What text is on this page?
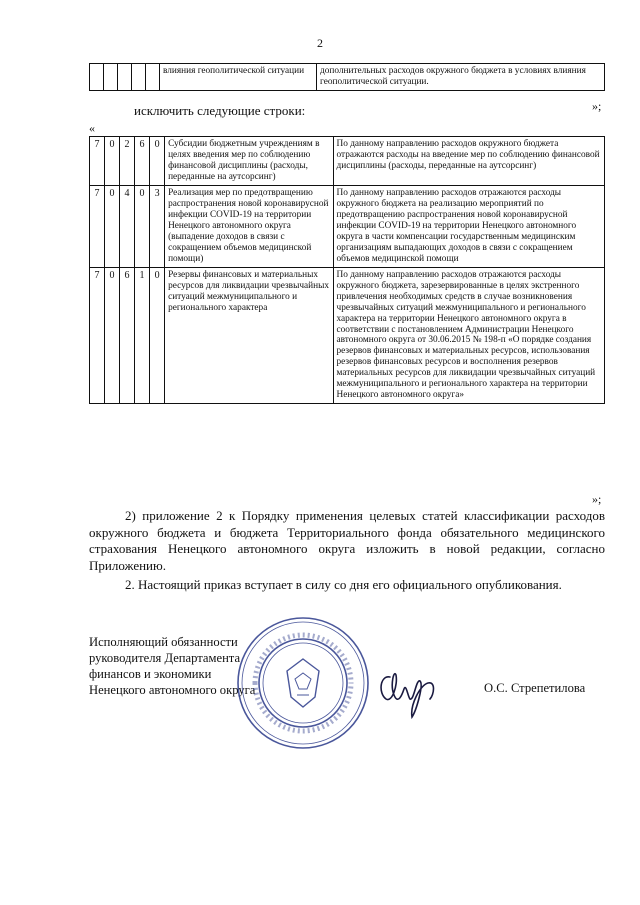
2
					влияния геополитической ситуации	дополнительных расходов окружного бюджета в условиях влияния геополитической ситуации.
»;
исключить следующие строки:
«
7	0	2	6	0	Субсидии бюджетным учреждениям в целях введения мер по соблюдению финансовой дисциплины (расходы, переданные на аутсорсинг)	По данному направлению расходов окружного бюджета отражаются расходы на введение мер по соблюдению финансовой дисциплины (расходы, переданные на аутсорсинг)
7	0	4	0	3	Реализация мер по предотвращению распространения новой коронавирусной инфекции COVID-19 на территории Ненецкого автономного округа (выпадение доходов в связи с сокращением объемов медицинской помощи)	По данному направлению расходов отражаются расходы окружного бюджета на реализацию мероприятий по предотвращению распространения новой коронавирусной инфекции COVID-19 на территории Ненецкого автономного округа в части компенсации государственным медицинским организациям выпадающих доходов в связи с сокращением объемов медицинской помощи
7	0	6	1	0	Резервы финансовых и материальных ресурсов для ликвидации чрезвычайных ситуаций межмуниципального и регионального характера	По данному направлению расходов отражаются расходы окружного бюджета, зарезервированные в целях экстренного привлечения необходимых средств в случае возникновения чрезвычайных ситуаций межмуниципального и регионального характера на территории Ненецкого автономного округа в соответствии с постановлением Администрации Ненецкого автономного округа от 30.06.2015 № 198-п «О порядке создания резервов финансовых и материальных ресурсов, использования резервов финансовых ресурсов и восполнения резервов материальных ресурсов для ликвидации чрезвычайных ситуаций межмуниципального и регионального характера на территории Ненецкого автономного округа»
»;
2) приложение 2 к Порядку применения целевых статей классификации расходов окружного бюджета и бюджета Территориального фонда обязательного медицинского страхования Ненецкого автономного округа изложить в новой редакции, согласно Приложению.
2. Настоящий приказ вступает в силу со дня его официального опубликования.
Исполняющий обязанности
руководителя Департамента
финансов и экономики
Ненецкого автономного округа	О.С. Стрепетилова
